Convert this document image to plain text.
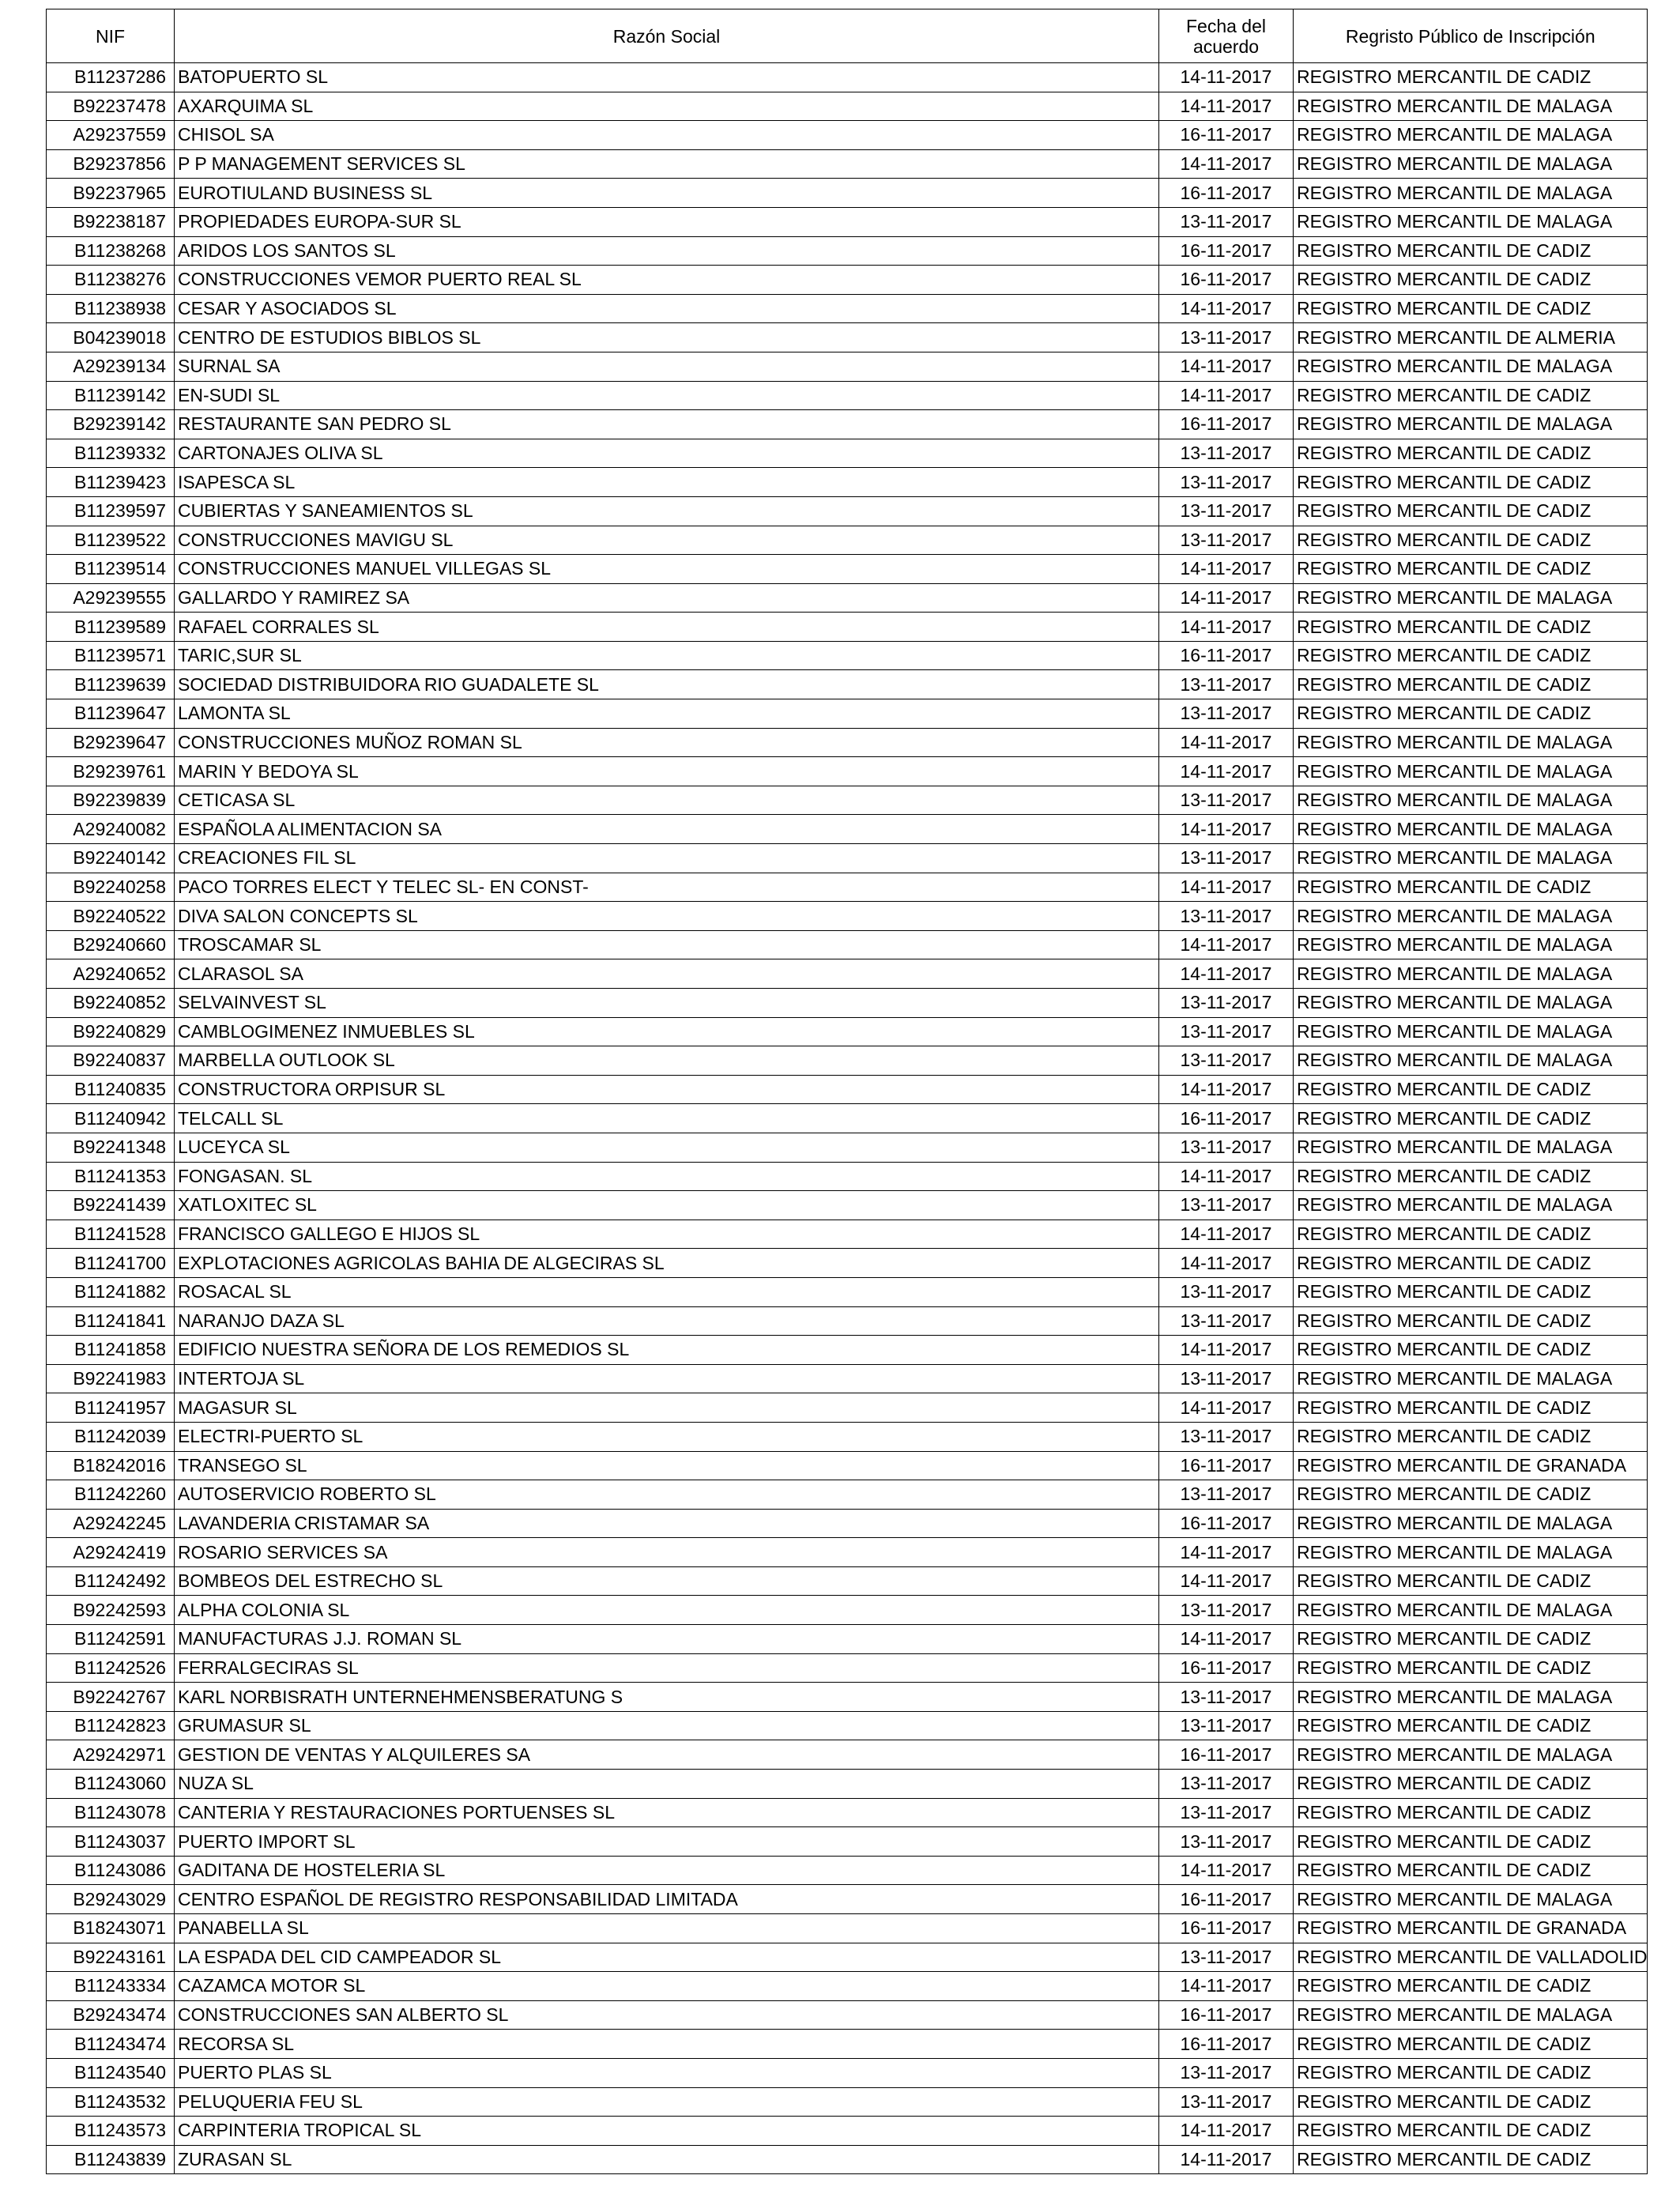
NIF	Razón Social	Fecha del acuerdo	Regristo Público de Inscripción
B11237286	BATOPUERTO SL	14-11-2017	REGISTRO MERCANTIL DE CADIZ
B92237478	AXARQUIMA SL	14-11-2017	REGISTRO MERCANTIL DE MALAGA
A29237559	CHISOL SA	16-11-2017	REGISTRO MERCANTIL DE MALAGA
B29237856	P P MANAGEMENT SERVICES SL	14-11-2017	REGISTRO MERCANTIL DE MALAGA
B92237965	EUROTIULAND BUSINESS SL	16-11-2017	REGISTRO MERCANTIL DE MALAGA
B92238187	PROPIEDADES EUROPA-SUR SL	13-11-2017	REGISTRO MERCANTIL DE MALAGA
B11238268	ARIDOS LOS SANTOS SL	16-11-2017	REGISTRO MERCANTIL DE CADIZ
B11238276	CONSTRUCCIONES VEMOR PUERTO REAL SL	16-11-2017	REGISTRO MERCANTIL DE CADIZ
B11238938	CESAR Y ASOCIADOS SL	14-11-2017	REGISTRO MERCANTIL DE CADIZ
B04239018	CENTRO DE ESTUDIOS BIBLOS SL	13-11-2017	REGISTRO MERCANTIL DE ALMERIA
A29239134	SURNAL SA	14-11-2017	REGISTRO MERCANTIL DE MALAGA
B11239142	EN-SUDI SL	14-11-2017	REGISTRO MERCANTIL DE CADIZ
B29239142	RESTAURANTE SAN PEDRO SL	16-11-2017	REGISTRO MERCANTIL DE MALAGA
B11239332	CARTONAJES OLIVA SL	13-11-2017	REGISTRO MERCANTIL DE CADIZ
B11239423	ISAPESCA SL	13-11-2017	REGISTRO MERCANTIL DE CADIZ
B11239597	CUBIERTAS Y SANEAMIENTOS SL	13-11-2017	REGISTRO MERCANTIL DE CADIZ
B11239522	CONSTRUCCIONES MAVIGU SL	13-11-2017	REGISTRO MERCANTIL DE CADIZ
B11239514	CONSTRUCCIONES MANUEL VILLEGAS SL	14-11-2017	REGISTRO MERCANTIL DE CADIZ
A29239555	GALLARDO Y RAMIREZ SA	14-11-2017	REGISTRO MERCANTIL DE MALAGA
B11239589	RAFAEL CORRALES SL	14-11-2017	REGISTRO MERCANTIL DE CADIZ
B11239571	TARIC,SUR SL	16-11-2017	REGISTRO MERCANTIL DE CADIZ
B11239639	SOCIEDAD DISTRIBUIDORA RIO GUADALETE SL	13-11-2017	REGISTRO MERCANTIL DE CADIZ
B11239647	LAMONTA SL	13-11-2017	REGISTRO MERCANTIL DE CADIZ
B29239647	CONSTRUCCIONES MUÑOZ ROMAN SL	14-11-2017	REGISTRO MERCANTIL DE MALAGA
B29239761	MARIN Y BEDOYA SL	14-11-2017	REGISTRO MERCANTIL DE MALAGA
B92239839	CETICASA SL	13-11-2017	REGISTRO MERCANTIL DE MALAGA
A29240082	ESPAÑOLA ALIMENTACION SA	14-11-2017	REGISTRO MERCANTIL DE MALAGA
B92240142	CREACIONES FIL SL	13-11-2017	REGISTRO MERCANTIL DE MALAGA
B92240258	PACO TORRES ELECT Y TELEC SL- EN CONST-	14-11-2017	REGISTRO MERCANTIL DE CADIZ
B92240522	DIVA SALON CONCEPTS SL	13-11-2017	REGISTRO MERCANTIL DE MALAGA
B29240660	TROSCAMAR SL	14-11-2017	REGISTRO MERCANTIL DE MALAGA
A29240652	CLARASOL SA	14-11-2017	REGISTRO MERCANTIL DE MALAGA
B92240852	SELVAINVEST SL	13-11-2017	REGISTRO MERCANTIL DE MALAGA
B92240829	CAMBLOGIMENEZ INMUEBLES SL	13-11-2017	REGISTRO MERCANTIL DE MALAGA
B92240837	MARBELLA OUTLOOK SL	13-11-2017	REGISTRO MERCANTIL DE MALAGA
B11240835	CONSTRUCTORA ORPISUR SL	14-11-2017	REGISTRO MERCANTIL DE CADIZ
B11240942	TELCALL SL	16-11-2017	REGISTRO MERCANTIL DE CADIZ
B92241348	LUCEYCA SL	13-11-2017	REGISTRO MERCANTIL DE MALAGA
B11241353	FONGASAN. SL	14-11-2017	REGISTRO MERCANTIL DE CADIZ
B92241439	XATLOXITEC SL	13-11-2017	REGISTRO MERCANTIL DE MALAGA
B11241528	FRANCISCO GALLEGO E HIJOS SL	14-11-2017	REGISTRO MERCANTIL DE CADIZ
B11241700	EXPLOTACIONES AGRICOLAS BAHIA DE ALGECIRAS SL	14-11-2017	REGISTRO MERCANTIL DE CADIZ
B11241882	ROSACAL SL	13-11-2017	REGISTRO MERCANTIL DE CADIZ
B11241841	NARANJO DAZA SL	13-11-2017	REGISTRO MERCANTIL DE CADIZ
B11241858	EDIFICIO NUESTRA SEÑORA DE LOS REMEDIOS SL	14-11-2017	REGISTRO MERCANTIL DE CADIZ
B92241983	INTERTOJA SL	13-11-2017	REGISTRO MERCANTIL DE MALAGA
B11241957	MAGASUR SL	14-11-2017	REGISTRO MERCANTIL DE CADIZ
B11242039	ELECTRI-PUERTO SL	13-11-2017	REGISTRO MERCANTIL DE CADIZ
B18242016	TRANSEGO SL	16-11-2017	REGISTRO MERCANTIL DE GRANADA
B11242260	AUTOSERVICIO ROBERTO SL	13-11-2017	REGISTRO MERCANTIL DE CADIZ
A29242245	LAVANDERIA CRISTAMAR SA	16-11-2017	REGISTRO MERCANTIL DE MALAGA
A29242419	ROSARIO SERVICES SA	14-11-2017	REGISTRO MERCANTIL DE MALAGA
B11242492	BOMBEOS DEL ESTRECHO SL	14-11-2017	REGISTRO MERCANTIL DE CADIZ
B92242593	ALPHA COLONIA SL	13-11-2017	REGISTRO MERCANTIL DE MALAGA
B11242591	MANUFACTURAS J.J. ROMAN SL	14-11-2017	REGISTRO MERCANTIL DE CADIZ
B11242526	FERRALGECIRAS SL	16-11-2017	REGISTRO MERCANTIL DE CADIZ
B92242767	KARL NORBISRATH UNTERNEHMENSBERATUNG S	13-11-2017	REGISTRO MERCANTIL DE MALAGA
B11242823	GRUMASUR SL	13-11-2017	REGISTRO MERCANTIL DE CADIZ
A29242971	GESTION DE VENTAS Y ALQUILERES SA	16-11-2017	REGISTRO MERCANTIL DE MALAGA
B11243060	NUZA SL	13-11-2017	REGISTRO MERCANTIL DE CADIZ
B11243078	CANTERIA Y RESTAURACIONES PORTUENSES SL	13-11-2017	REGISTRO MERCANTIL DE CADIZ
B11243037	PUERTO IMPORT SL	13-11-2017	REGISTRO MERCANTIL DE CADIZ
B11243086	GADITANA DE HOSTELERIA SL	14-11-2017	REGISTRO MERCANTIL DE CADIZ
B29243029	CENTRO ESPAÑOL DE REGISTRO RESPONSABILIDAD LIMITADA	16-11-2017	REGISTRO MERCANTIL DE MALAGA
B18243071	PANABELLA SL	16-11-2017	REGISTRO MERCANTIL DE GRANADA
B92243161	LA ESPADA DEL CID CAMPEADOR SL	13-11-2017	REGISTRO MERCANTIL DE VALLADOLID
B11243334	CAZAMCA MOTOR SL	14-11-2017	REGISTRO MERCANTIL DE CADIZ
B29243474	CONSTRUCCIONES SAN ALBERTO SL	16-11-2017	REGISTRO MERCANTIL DE MALAGA
B11243474	RECORSA SL	16-11-2017	REGISTRO MERCANTIL DE CADIZ
B11243540	PUERTO PLAS SL	13-11-2017	REGISTRO MERCANTIL DE CADIZ
B11243532	PELUQUERIA FEU SL	13-11-2017	REGISTRO MERCANTIL DE CADIZ
B11243573	CARPINTERIA TROPICAL SL	14-11-2017	REGISTRO MERCANTIL DE CADIZ
B11243839	ZURASAN SL	14-11-2017	REGISTRO MERCANTIL DE CADIZ
